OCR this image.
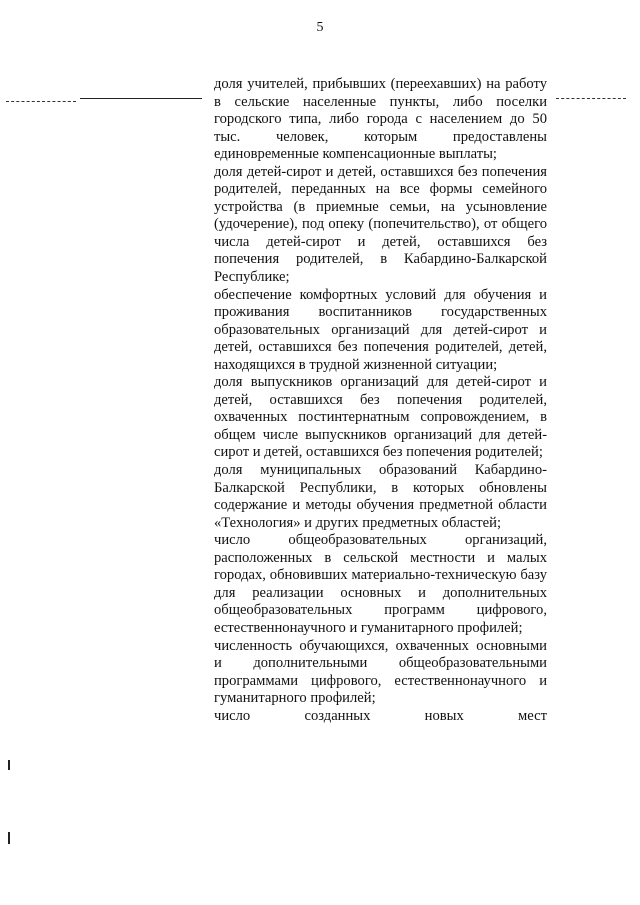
5

доля учителей, прибывших (переехавших) на работу в сельские населенные пункты, либо поселки городского типа, либо города с населением до 50 тыс. человек, которым предоставлены единовременные компенсационные выплаты;

доля детей-сирот и детей, оставшихся без попечения родителей, переданных на все формы семейного устройства (в приемные семьи, на усыновление (удочерение), под опеку (попечительство), от общего числа детей-сирот и детей, оставшихся без попечения родителей, в Кабардино-Балкарской Республике;

обеспечение комфортных условий для обучения и проживания воспитанников государственных образовательных организаций для детей-сирот и детей, оставшихся без попечения родителей, детей, находящихся в трудной жизненной ситуации;

доля выпускников организаций для детей-сирот и детей, оставшихся без попечения родителей, охваченных постинтернатным сопровождением, в общем числе выпускников организаций для детей-сирот и детей, оставшихся без попечения родителей;

доля муниципальных образований Кабардино-Балкарской Республики, в которых обновлены содержание и методы обучения предметной области «Технология» и других предметных областей;

число общеобразовательных организаций, расположенных в сельской местности и малых городах, обновивших материально-техническую базу для реализации основных и дополнительных общеобразовательных программ цифрового, естественнонаучного и гуманитарного профилей;

численность обучающихся, охваченных основными и дополнительными общеобразовательными программами цифрового, естественнонаучного и гуманитарного профилей;

число созданных новых мест
